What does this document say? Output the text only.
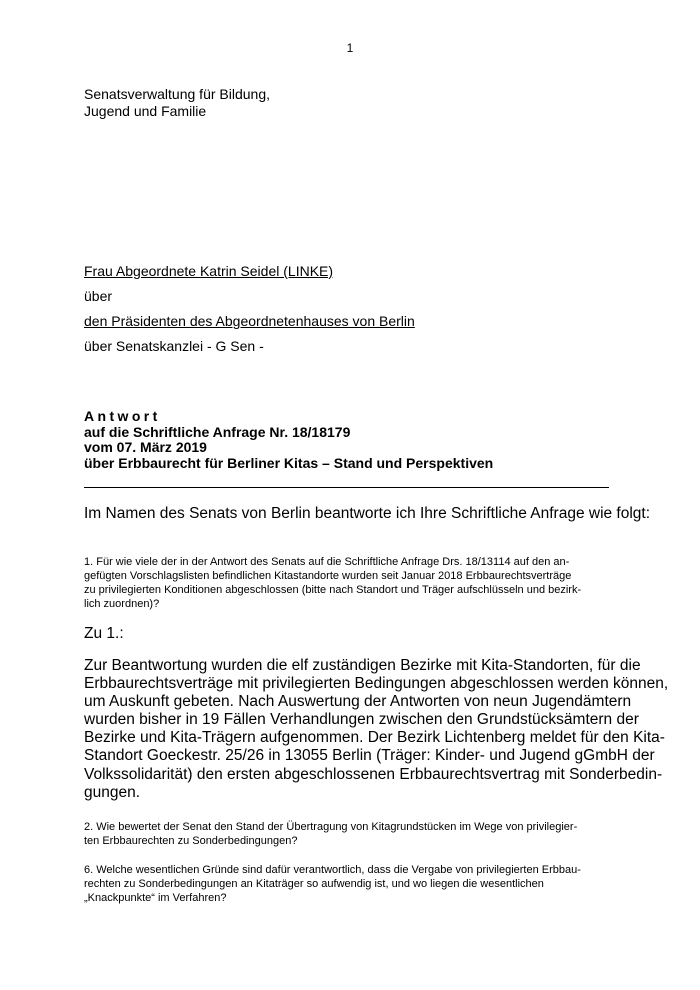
1
Senatsverwaltung für Bildung,
Jugend und Familie
Frau Abgeordnete Katrin Seidel (LINKE)
über
den Präsidenten des Abgeordnetenhauses von Berlin
über Senatskanzlei - G Sen -
Antwort
auf die Schriftliche Anfrage Nr. 18/18179
vom 07. März 2019
über Erbbaurecht für Berliner Kitas – Stand und Perspektiven
Im Namen des Senats von Berlin beantworte ich Ihre Schriftliche Anfrage wie folgt:
1. Für wie viele der in der Antwort des Senats auf die Schriftliche Anfrage Drs. 18/13114 auf den an-
gefügten Vorschlagslisten befindlichen Kitastandorte wurden seit Januar 2018 Erbbaurechtsverträge
zu privilegierten Konditionen abgeschlossen (bitte nach Standort und Träger aufschlüsseln und bezirk-
lich zuordnen)?
Zu 1.:
Zur Beantwortung wurden die elf zuständigen Bezirke mit Kita-Standorten, für die
Erbbaurechtsverträge mit privilegierten Bedingungen abgeschlossen werden können,
um Auskunft gebeten. Nach Auswertung der Antworten von neun Jugendämtern
wurden bisher in 19 Fällen Verhandlungen zwischen den Grundstücksämtern der
Bezirke und Kita-Trägern aufgenommen. Der Bezirk Lichtenberg meldet für den Kita-
Standort Goeckestr. 25/26 in 13055 Berlin (Träger: Kinder- und Jugend gGmbH der
Volkssolidarität) den ersten abgeschlossenen Erbbaurechtsvertrag mit Sonderbedin-
gungen.
2. Wie bewertet der Senat den Stand der Übertragung von Kitagrundstücken im Wege von privilegier-
ten Erbbaurechten zu Sonderbedingungen?
6. Welche wesentlichen Gründe sind dafür verantwortlich, dass die Vergabe von privilegierten Erbbau-
rechten zu Sonderbedingungen an Kitaträger so aufwendig ist, und wo liegen die wesentlichen
„Knackpunkte“ im Verfahren?
